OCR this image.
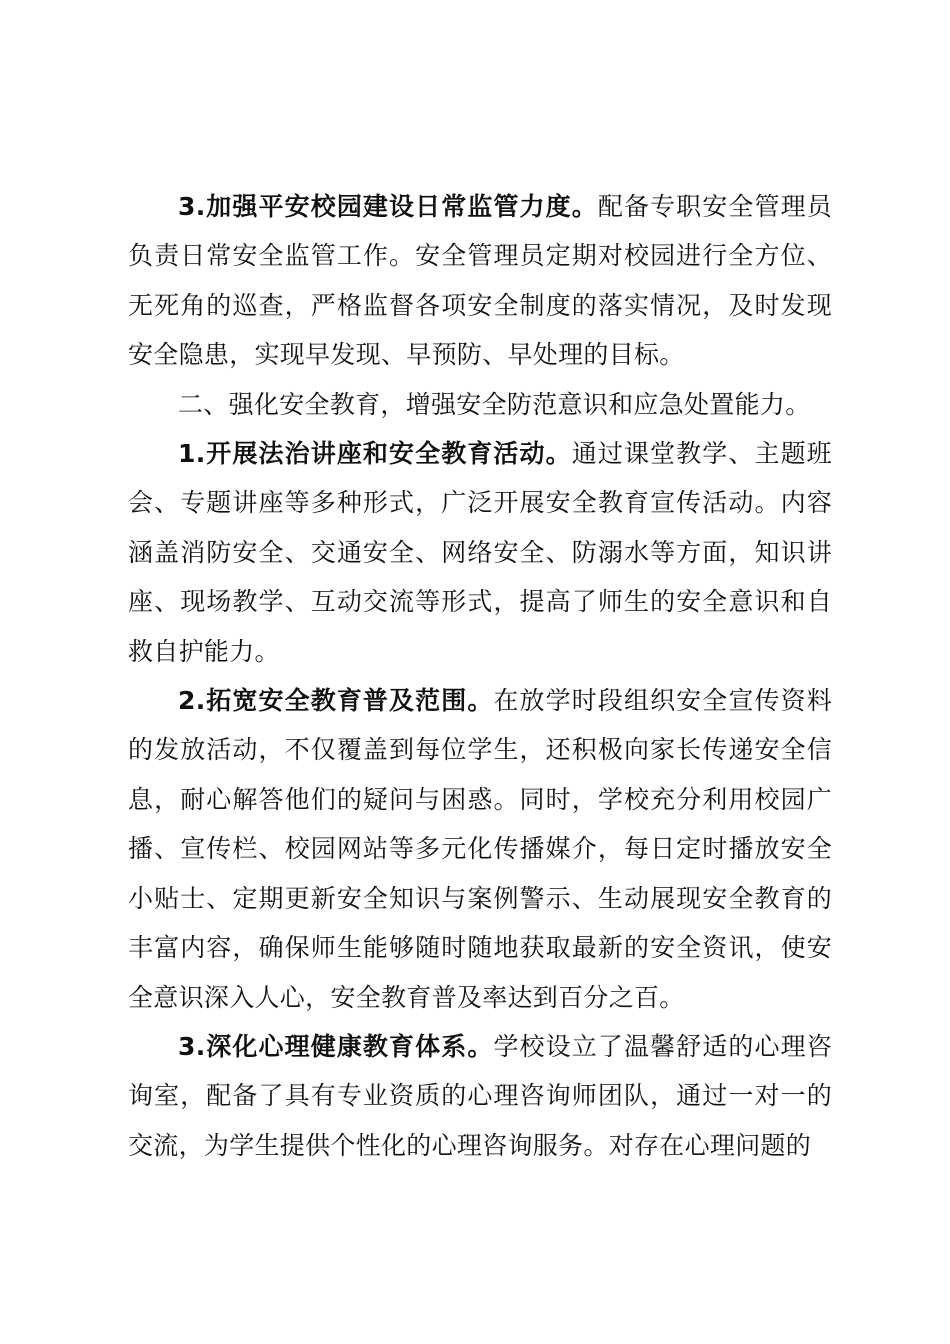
3.加强平安校园建设日常监管力度。配备专职安全管理员负责日常安全监管工作。安全管理员定期对校园进行全方位、无死角的巡查，严格监督各项安全制度的落实情况，及时发现安全隐患，实现早发现、早预防、早处理的目标。

二、强化安全教育，增强安全防范意识和应急处置能力。

1.开展法治讲座和安全教育活动。通过课堂教学、主题班会、专题讲座等多种形式，广泛开展安全教育宣传活动。内容涵盖消防安全、交通安全、网络安全、防溺水等方面，知识讲座、现场教学、互动交流等形式，提高了师生的安全意识和自救自护能力。

2.拓宽安全教育普及范围。在放学时段组织安全宣传资料的发放活动，不仅覆盖到每位学生，还积极向家长传递安全信息，耐心解答他们的疑问与困惑。同时，学校充分利用校园广播、宣传栏、校园网站等多元化传播媒介，每日定时播放安全小贴士、定期更新安全知识与案例警示、生动展现安全教育的丰富内容，确保师生能够随时随地获取最新的安全资讯，使安全意识深入人心，安全教育普及率达到百分之百。

3.深化心理健康教育体系。学校设立了温馨舒适的心理咨询室，配备了具有专业资质的心理咨询师团队，通过一对一的交流，为学生提供个性化的心理咨询服务。对存在心理问题的
